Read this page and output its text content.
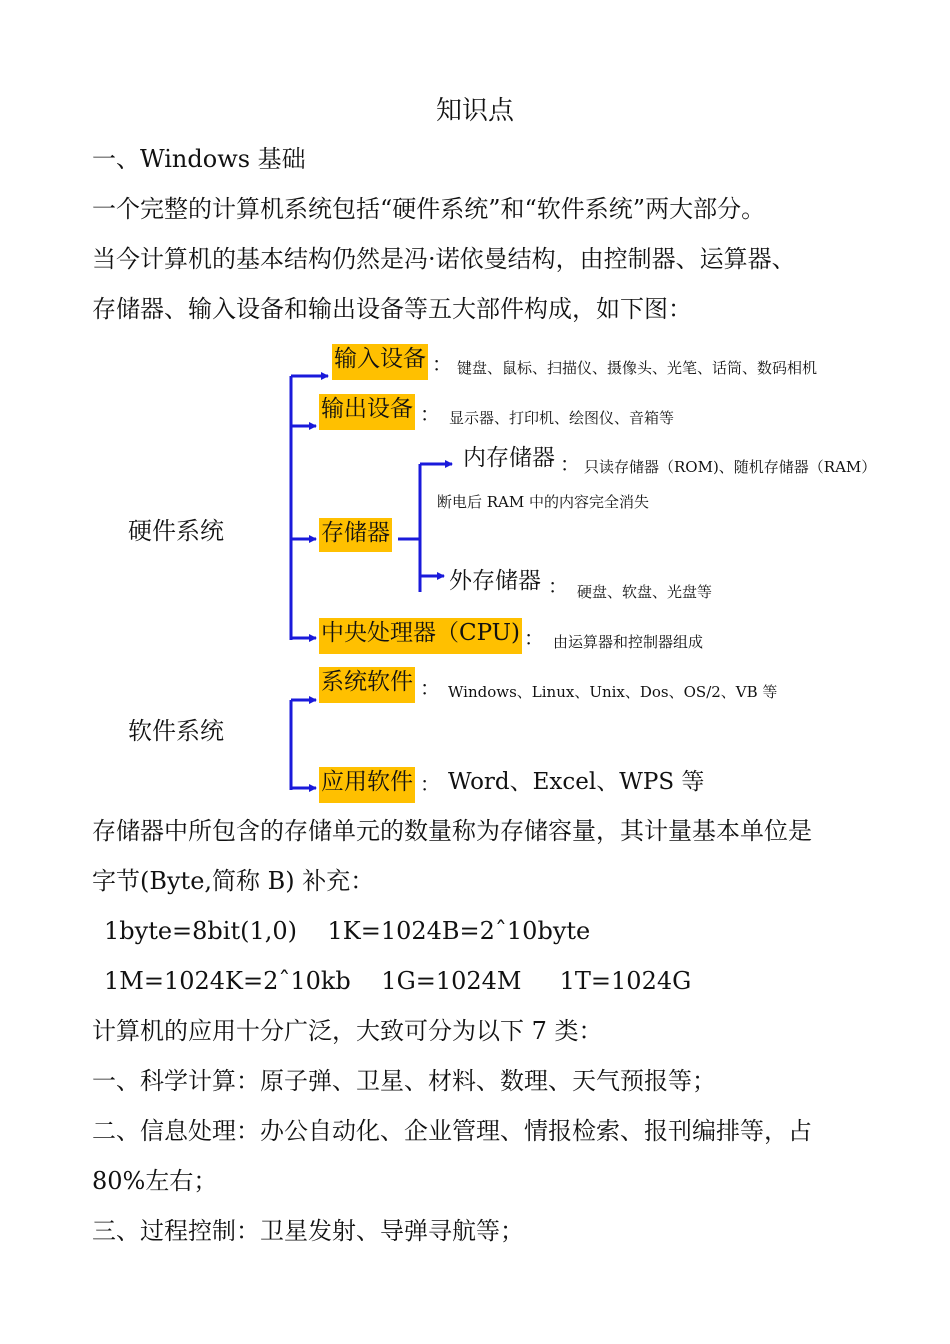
知识点
一、Windows 基础
一个完整的计算机系统包括“硬件系统”和“软件系统”两大部分。
当今计算机的基本结构仍然是冯·诺依曼结构，由控制器、运算器、
存储器、输入设备和输出设备等五大部件构成，如下图：
硬件系统
软件系统
输入设备 ： 键盘、鼠标、扫描仪、摄像头、光笔、话筒、数码相机
输出设备 ： 显示器、打印机、绘图仪、音箱等
内存储器 ： 只读存储器（ROM)、随机存储器（RAM）
断电后 RAM 中的内容完全消失
存储器
外存储器 ： 硬盘、软盘、光盘等
中央处理器（CPU) ： 由运算器和控制器组成
系统软件 ： Windows、Linux、Unix、Dos、OS/2、VB 等
应用软件 ： Word、Excel、WPS 等
存储器中所包含的存储单元的数量称为存储容量，其计量基本单位是
字节(Byte,简称 B) 补充：
1byte=8bit(1,0)    1K=1024B=2ˆ10byte
1M=1024K=2ˆ10kb    1G=1024M     1T=1024G
计算机的应用十分广泛，大致可分为以下 7 类：
一、科学计算：原子弹、卫星、材料、数理、天气预报等；
二、信息处理：办公自动化、企业管理、情报检索、报刊编排等，占
80%左右；
三、过程控制：卫星发射、导弹寻航等；
